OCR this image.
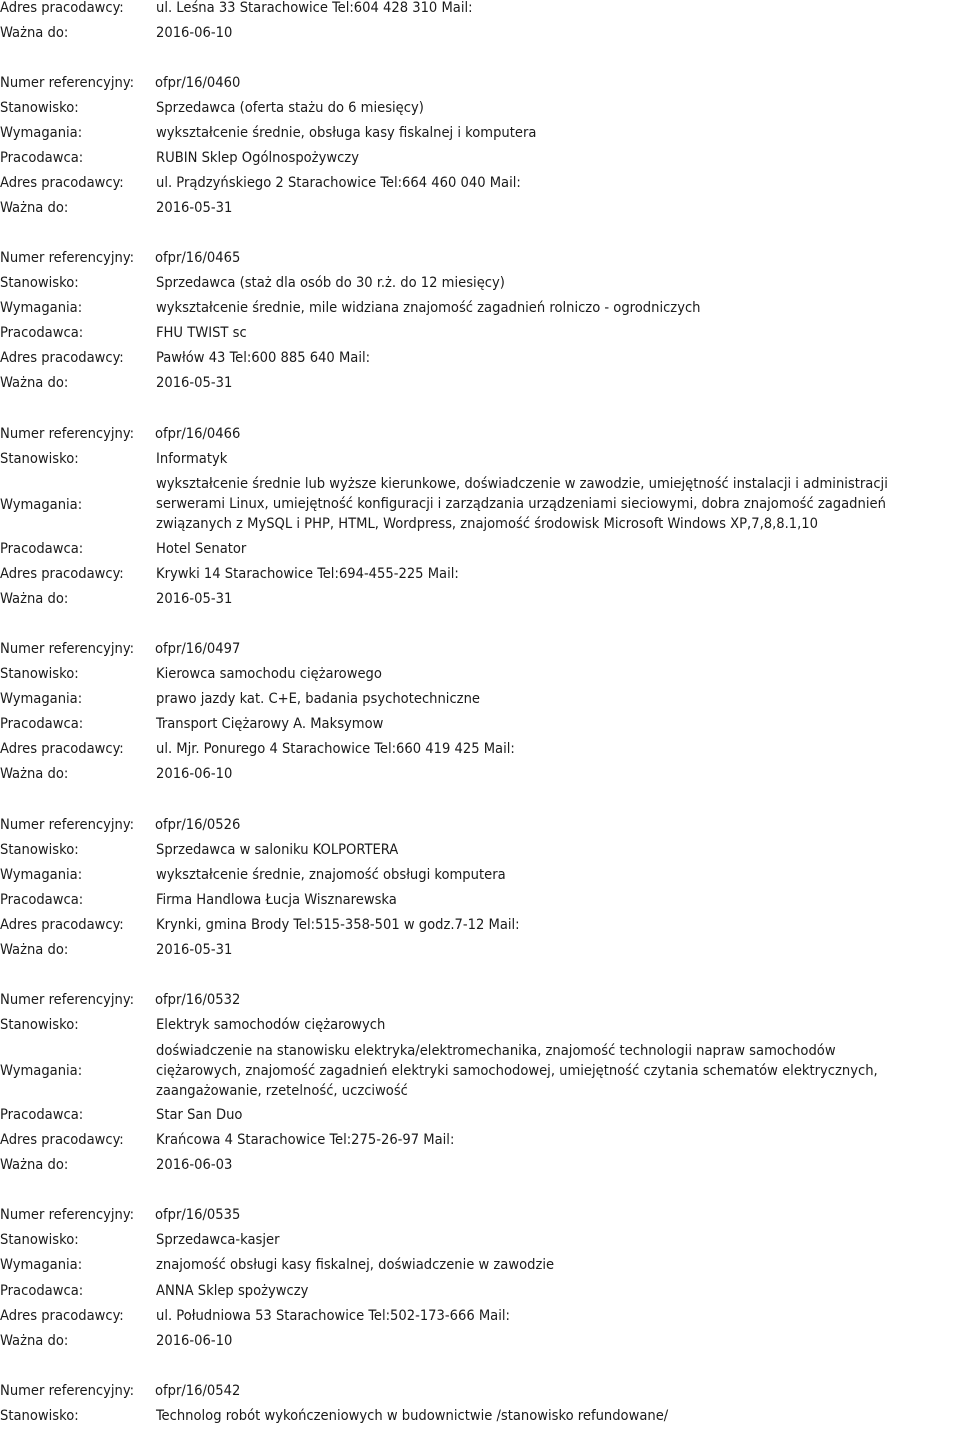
Adres pracodawcy: ul. Leśna 33 Starachowice Tel:604 428 310 Mail:
Ważna do:	2016-06-10
Numer referencyjny: ofpr/16/0460
Stanowisko:	Sprzedawca (oferta stażu do 6 miesięcy)
Wymagania:	wykształcenie średnie, obsługa kasy fiskalnej i komputera
Pracodawca:	RUBIN Sklep Ogólnospożywczy
Adres pracodawcy: ul. Prądzyńskiego 2 Starachowice Tel:664 460 040 Mail:
Ważna do:	2016-05-31
Numer referencyjny: ofpr/16/0465
Stanowisko:	Sprzedawca (staż dla osób do 30 r.ż. do 12 miesięcy)
Wymagania:	wykształcenie średnie, mile widziana znajomość zagadnień rolniczo - ogrodniczych
Pracodawca:	FHU TWIST sc
Adres pracodawcy: Pawłów 43 Tel:600 885 640 Mail:
Ważna do:	2016-05-31
Numer referencyjny: ofpr/16/0466
Stanowisko:	Informatyk
Wymagania:
wykształcenie średnie lub wyższe kierunkowe, doświadczenie w zawodzie, umiejętność instalacji i administracji
serwerami Linux, umiejętność konfiguracji i zarządzania urządzeniami sieciowymi, dobra znajomość zagadnień
związanych z MySQL i PHP, HTML, Wordpress, znajomość środowisk Microsoft Windows XP,7,8,8.1,10
Pracodawca:	Hotel Senator
Adres pracodawcy: Krywki 14 Starachowice Tel:694-455-225 Mail:
Ważna do:	2016-05-31
Numer referencyjny: ofpr/16/0497
Stanowisko:	Kierowca samochodu ciężarowego
Wymagania:	prawo jazdy kat. C+E, badania psychotechniczne
Pracodawca:	Transport Ciężarowy A. Maksymow
Adres pracodawcy: ul. Mjr. Ponurego 4 Starachowice Tel:660 419 425 Mail:
Ważna do:	2016-06-10
Numer referencyjny: ofpr/16/0526
Stanowisko:	Sprzedawca w saloniku KOLPORTERA
Wymagania:	wykształcenie średnie, znajomość obsługi komputera
Pracodawca:	Firma Handlowa Łucja Wisznarewska
Adres pracodawcy: Krynki, gmina Brody Tel:515-358-501 w godz.7-12 Mail:
Ważna do:	2016-05-31
Numer referencyjny: ofpr/16/0532
Stanowisko:	Elektryk samochodów ciężarowych
Wymagania:
doświadczenie na stanowisku elektryka/elektromechanika, znajomość technologii napraw samochodów
ciężarowych, znajomość zagadnień elektryki samochodowej, umiejętność czytania schematów elektrycznych,
zaangażowanie, rzetelność, uczciwość
Pracodawca:	Star San Duo
Adres pracodawcy: Krańcowa 4 Starachowice Tel:275-26-97 Mail:
Ważna do:	2016-06-03
Numer referencyjny: ofpr/16/0535
Stanowisko:	Sprzedawca-kasjer
Wymagania:	znajomość obsługi kasy fiskalnej, doświadczenie w zawodzie
Pracodawca:	ANNA Sklep spożywczy
Adres pracodawcy: ul. Południowa 53 Starachowice Tel:502-173-666 Mail:
Ważna do:	2016-06-10
Numer referencyjny: ofpr/16/0542
Stanowisko:	Technolog robót wykończeniowych w budownictwie /stanowisko refundowane/
